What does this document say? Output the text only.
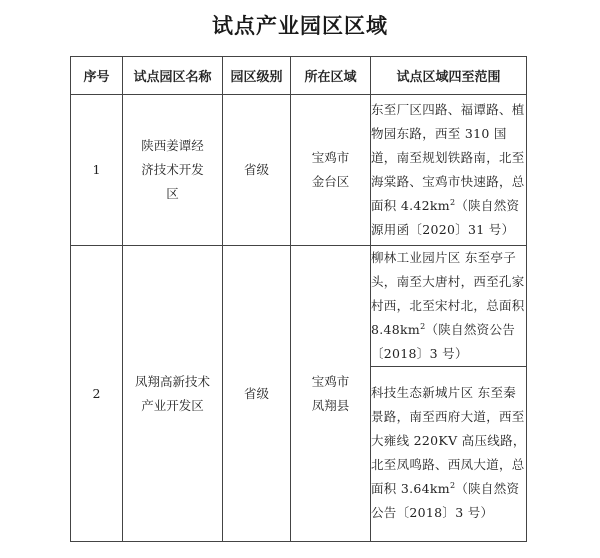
试点产业园区区域
序号	试点园区名称	园区级别	所在区域	试点区域四至范围
1	陕西姜谭经济技术开发区	省级	宝鸡市金台区	东至厂区四路、福谭路、植物园东路，西至 310 国道，南至规划铁路南，北至海棠路、宝鸡市快速路，总面积 $4.42km^2$（陕自然资源用函〔2020〕31 号）
2	凤翔高新技术产业开发区	省级	宝鸡市凤翔县	柳林工业园片区 东至亭子头，南至大唐村，西至孔家村西，北至宋村北，总面积 $8.48km^2$（陕自然资公告〔2018〕3 号）
				科技生态新城片区 东至秦景路，南至西府大道，西至大雍线 220KV 高压线路，北至凤鸣路、西凤大道，总面积 $3.64km^2$（陕自然资公告〔2018〕3 号）
